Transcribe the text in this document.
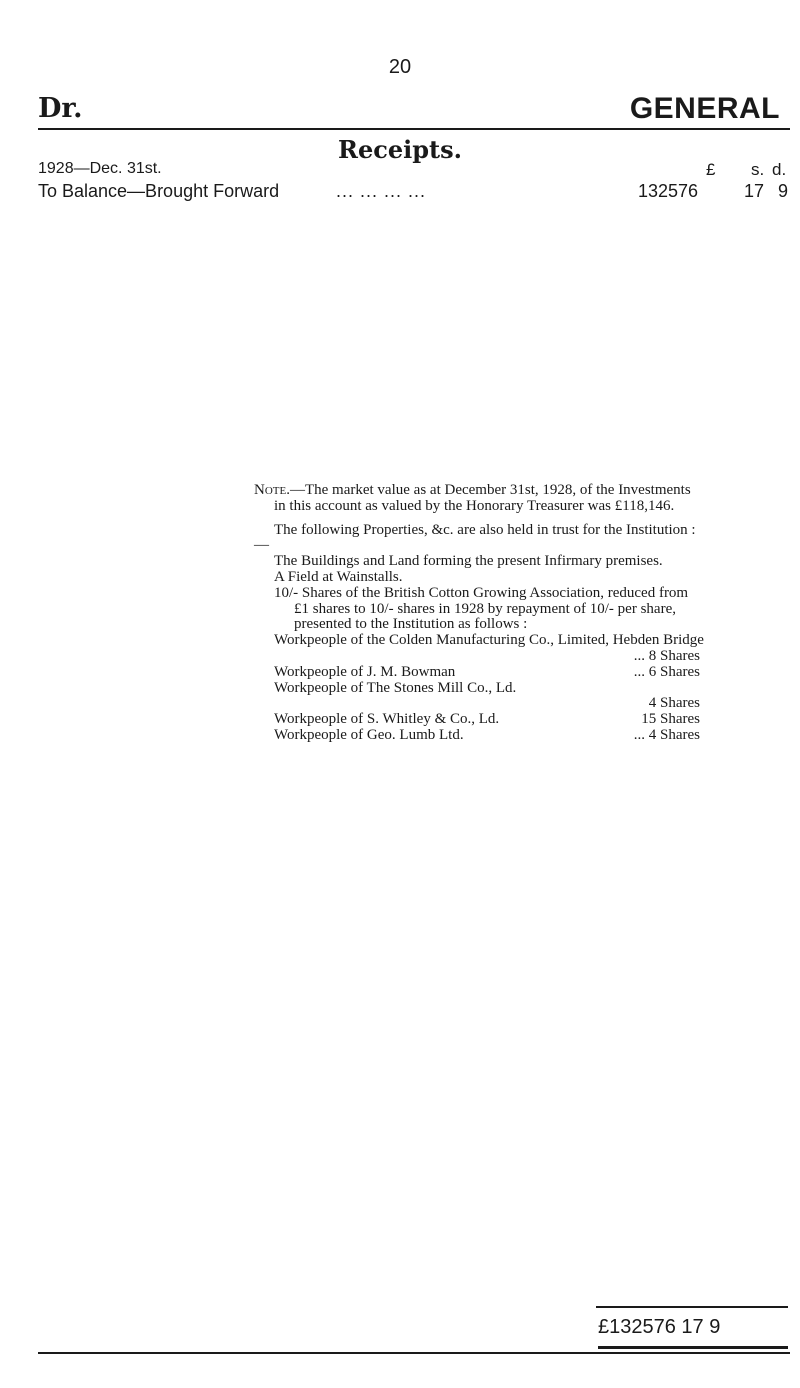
20
Dr.	GENERAL
Receipts.
1928—Dec. 31st.	£ s. d.
To Balance—Brought Forward	... ... ... ...	132576	17 9

Note.—The market value as at December 31st, 1928, of the Investments in this account as valued by the Honorary Treasurer was £118,146.

The following Properties, &c. are also held in trust for the Institution : —

The Buildings and Land forming the present Infirmary premises.

A Field at Wainstalls.

10/- Shares of the British Cotton Growing Association, reduced from £1 shares to 10/- shares in 1928 by repayment of 10/- per share, presented to the Institution as follows :

Workpeople of the Colden Manufacturing Co., Limited, Hebden Bridge

... 8 Shares

Workpeople of J. M. Bowman	... 6 Shares

Workpeople of The Stones Mill Co., Ld.

4 Shares

Workpeople of S. Whitley & Co., Ld.	15 Shares
Workpeople of Geo. Lumb Ltd.	... 4 Shares
£132576 17 9
